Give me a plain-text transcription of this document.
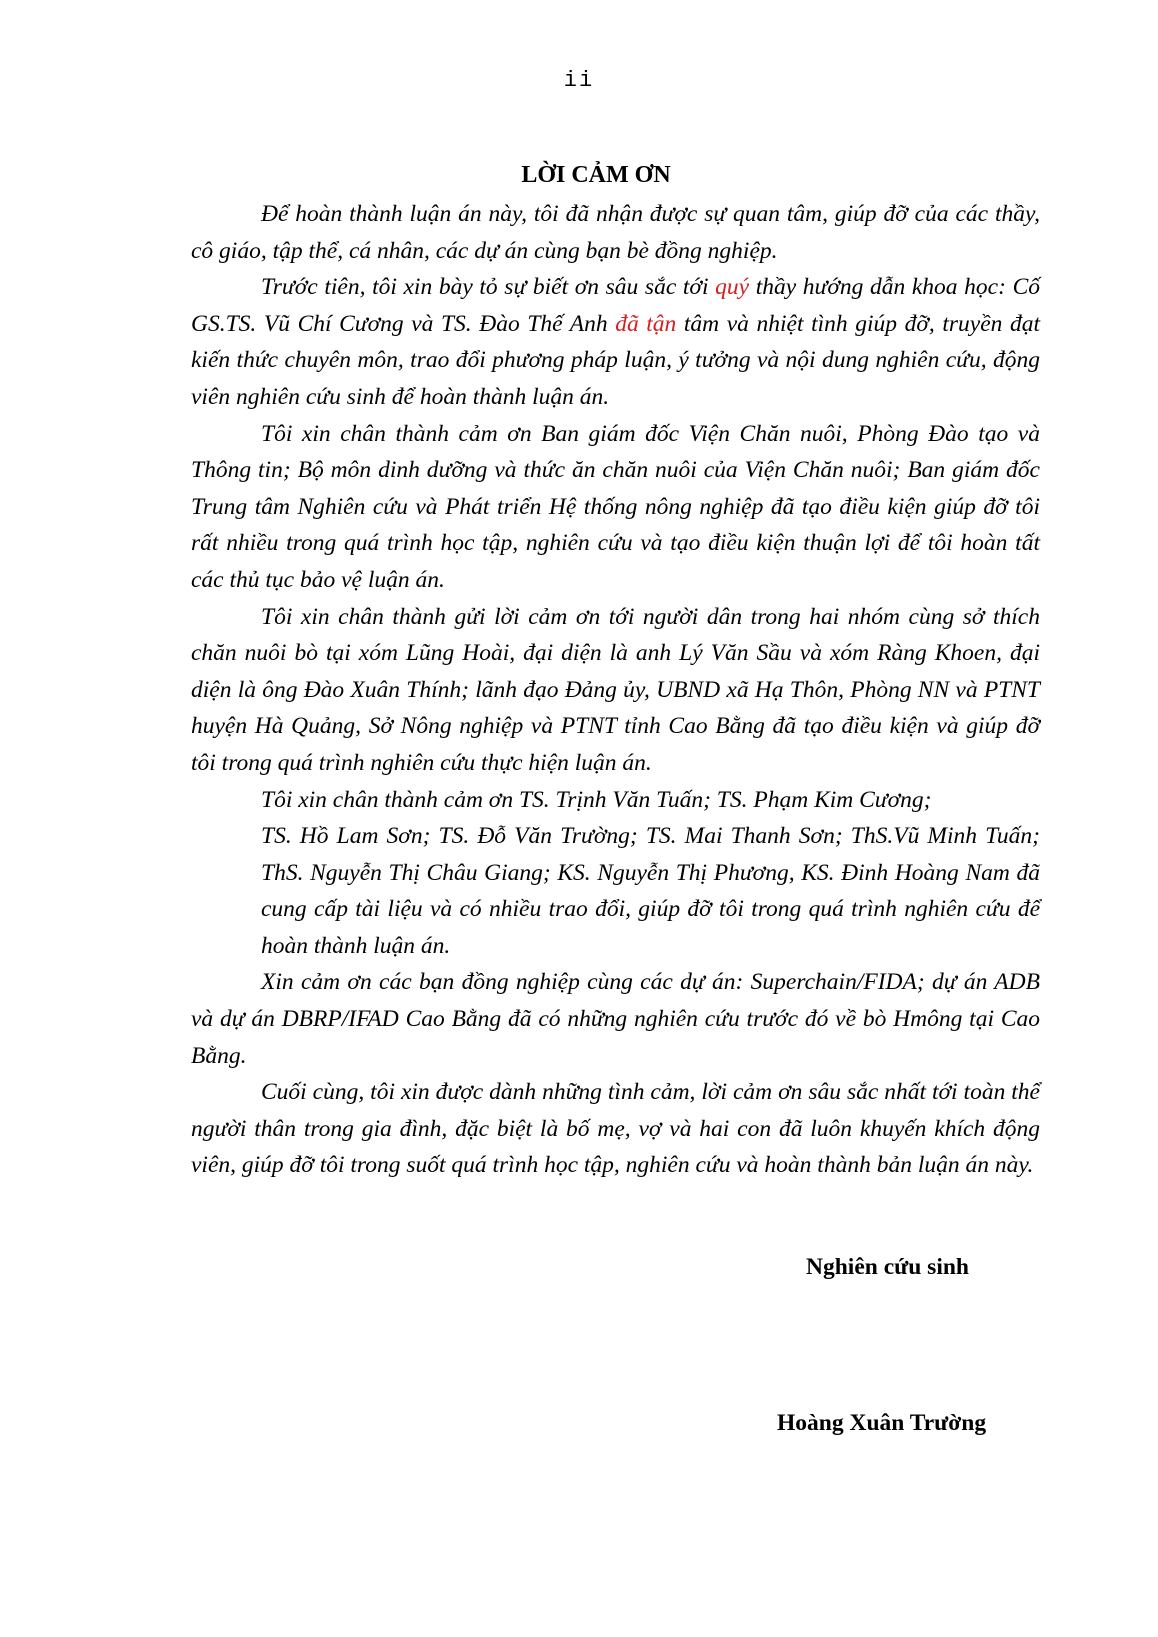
ii
LỜI CẢM ƠN

Để hoàn thành luận án này, tôi đã nhận được sự quan tâm, giúp đỡ của các thầy, cô giáo, tập thể, cá nhân, các dự án cùng bạn bè đồng nghiệp.

Trước tiên, tôi xin bày tỏ sự biết ơn sâu sắc tới quý thầy hướng dẫn khoa học: Cố GS.TS. Vũ Chí Cương và TS. Đào Thế Anh đã tận tâm và nhiệt tình giúp đỡ, truyền đạt kiến thức chuyên môn, trao đổi phương pháp luận, ý tưởng và nội dung nghiên cứu, động viên nghiên cứu sinh để hoàn thành luận án.

Tôi xin chân thành cảm ơn Ban giám đốc Viện Chăn nuôi, Phòng Đào tạo và Thông tin; Bộ môn dinh dưỡng và thức ăn chăn nuôi của Viện Chăn nuôi; Ban giám đốc Trung tâm Nghiên cứu và Phát triển Hệ thống nông nghiệp đã tạo điều kiện giúp đỡ tôi rất nhiều trong quá trình học tập, nghiên cứu và tạo điều kiện thuận lợi để tôi hoàn tất các thủ tục bảo vệ luận án.

Tôi xin chân thành gửi lời cảm ơn tới người dân trong hai nhóm cùng sở thích chăn nuôi bò tại xóm Lũng Hoài, đại diện là anh Lý Văn Sầu và xóm Ràng Khoen, đại diện là ông Đào Xuân Thính; lãnh đạo Đảng ủy, UBND xã Hạ Thôn, Phòng NN và PTNT huyện Hà Quảng, Sở Nông nghiệp và PTNT tỉnh Cao Bằng đã tạo điều kiện và giúp đỡ tôi trong quá trình nghiên cứu thực hiện luận án.

Tôi xin chân thành cảm ơn TS. Trịnh Văn Tuấn; TS. Phạm Kim Cương;

TS. Hồ Lam Sơn; TS. Đỗ Văn Trường; TS. Mai Thanh Sơn; ThS.Vũ Minh Tuấn; ThS. Nguyễn Thị Châu Giang; KS. Nguyễn Thị Phương, KS. Đinh Hoàng Nam đã cung cấp tài liệu và có nhiều trao đổi, giúp đỡ tôi trong quá trình nghiên cứu để hoàn thành luận án.

Xin cảm ơn các bạn đồng nghiệp cùng các dự án: Superchain/FIDA; dự án ADB và dự án DBRP/IFAD Cao Bằng đã có những nghiên cứu trước đó về bò Hmông tại Cao Bằng.

Cuối cùng, tôi xin được dành những tình cảm, lời cảm ơn sâu sắc nhất tới toàn thể người thân trong gia đình, đặc biệt là bố mẹ, vợ và hai con đã luôn khuyến khích động viên, giúp đỡ tôi trong suốt quá trình học tập, nghiên cứu và hoàn thành bản luận án này.

Nghiên cứu sinh
Hoàng Xuân Trường
